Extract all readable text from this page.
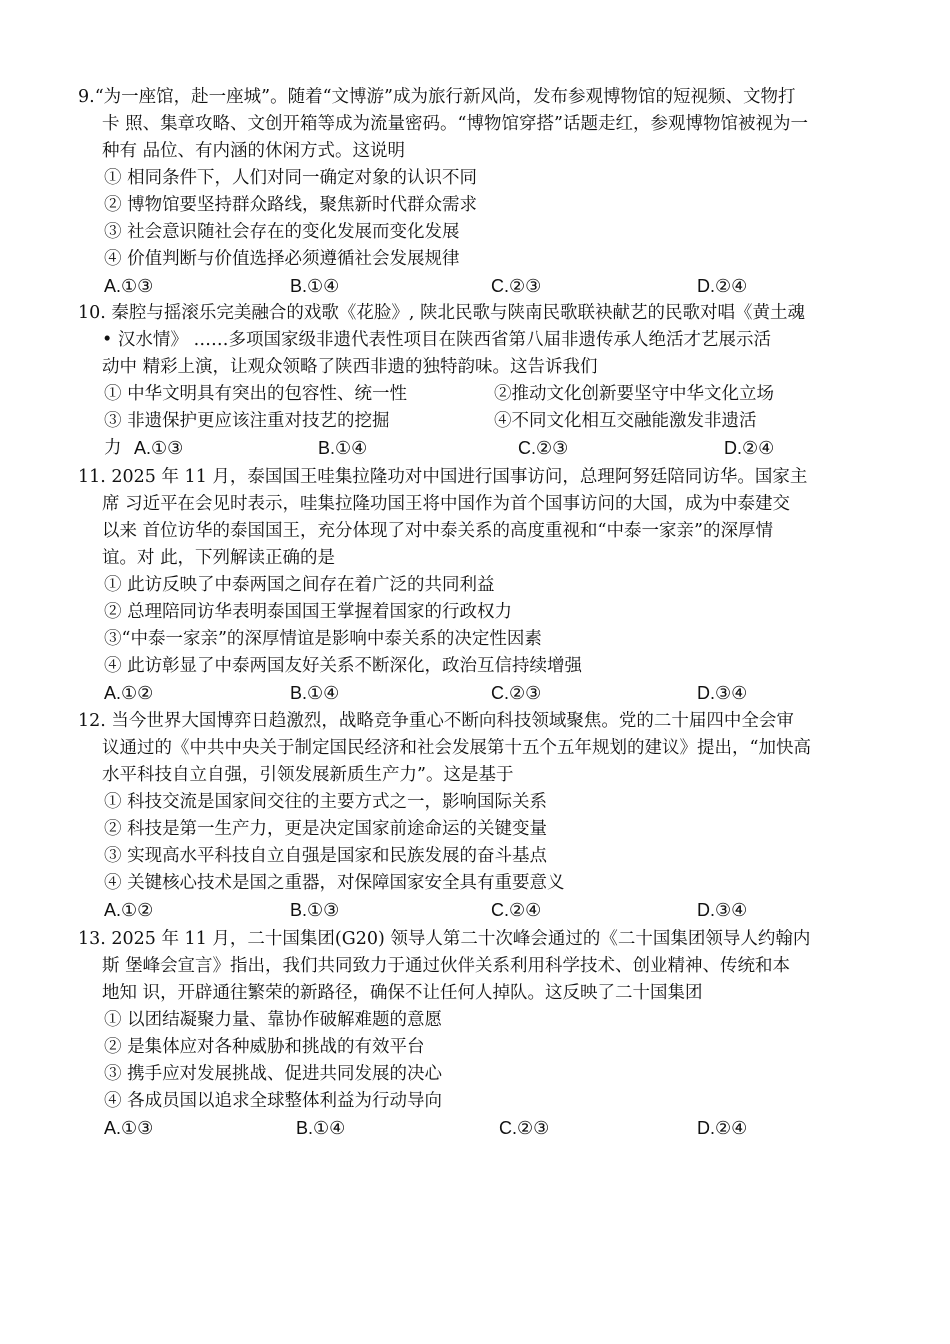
9.“为一座馆，赴一座城”。随着“文博游”成为旅行新风尚，发布参观博物馆的短视频、文物打
卡 照、集章攻略、文创开箱等成为流量密码。“博物馆穿搭”话题走红，参观博物馆被视为一
种有 品位、有内涵的休闲方式。这说明
① 相同条件下，人们对同一确定对象的认识不同
② 博物馆要坚持群众路线，聚焦新时代群众需求
③ 社会意识随社会存在的变化发展而变化发展
④ 价值判断与价值选择必须遵循社会发展规律
A.①③	B.①④	C.②③	D.②④
10. 秦腔与摇滚乐完美融合的戏歌《花脸》, 陕北民歌与陕南民歌联袂献艺的民歌对唱《黄土魂
• 汉水情》 ……多项国家级非遗代表性项目在陕西省第八届非遗传承人绝活才艺展示活
动中 精彩上演，让观众领略了陕西非遗的独特韵味。这告诉我们
① 中华文明具有突出的包容性、统一性	②推动文化创新要坚守中华文化立场
③ 非遗保护更应该注重对技艺的挖掘	④不同文化相互交融能激发非遗活
力 A.①③	B.①④	C.②③	D.②④
11. 2025 年 11 月，泰国国王哇集拉隆功对中国进行国事访问，总理阿努廷陪同访华。国家主
席 习近平在会见时表示，哇集拉隆功国王将中国作为首个国事访问的大国，成为中泰建交
以来 首位访华的泰国国王，充分体现了对中泰关系的高度重视和“中泰一家亲”的深厚情
谊。对 此，下列解读正确的是
① 此访反映了中泰两国之间存在着广泛的共同利益
② 总理陪同访华表明泰国国王掌握着国家的行政权力
③“中泰一家亲”的深厚情谊是影响中泰关系的决定性因素
④ 此访彰显了中泰两国友好关系不断深化，政治互信持续增强
A.①②	B.①④	C.②③	D.③④
12. 当今世界大国博弈日趋激烈，战略竞争重心不断向科技领域聚焦。党的二十届四中全会审
议通过的《中共中央关于制定国民经济和社会发展第十五个五年规划的建议》提出，“加快高
水平科技自立自强，引领发展新质生产力”。这是基于
① 科技交流是国家间交往的主要方式之一，影响国际关系
② 科技是第一生产力，更是决定国家前途命运的关键变量
③ 实现高水平科技自立自强是国家和民族发展的奋斗基点
④ 关键核心技术是国之重器，对保障国家安全具有重要意义
A.①②	B.①③	C.②④	D.③④
13. 2025 年 11 月，二十国集团(G20) 领导人第二十次峰会通过的《二十国集团领导人约翰内
斯 堡峰会宣言》指出，我们共同致力于通过伙伴关系利用科学技术、创业精神、传统和本
地知 识，开辟通往繁荣的新路径，确保不让任何人掉队。这反映了二十国集团
① 以团结凝聚力量、靠协作破解难题的意愿
② 是集体应对各种威胁和挑战的有效平台
③ 携手应对发展挑战、促进共同发展的决心
④ 各成员国以追求全球整体利益为行动导向
A.①③	B.①④	C.②③	D.②④
